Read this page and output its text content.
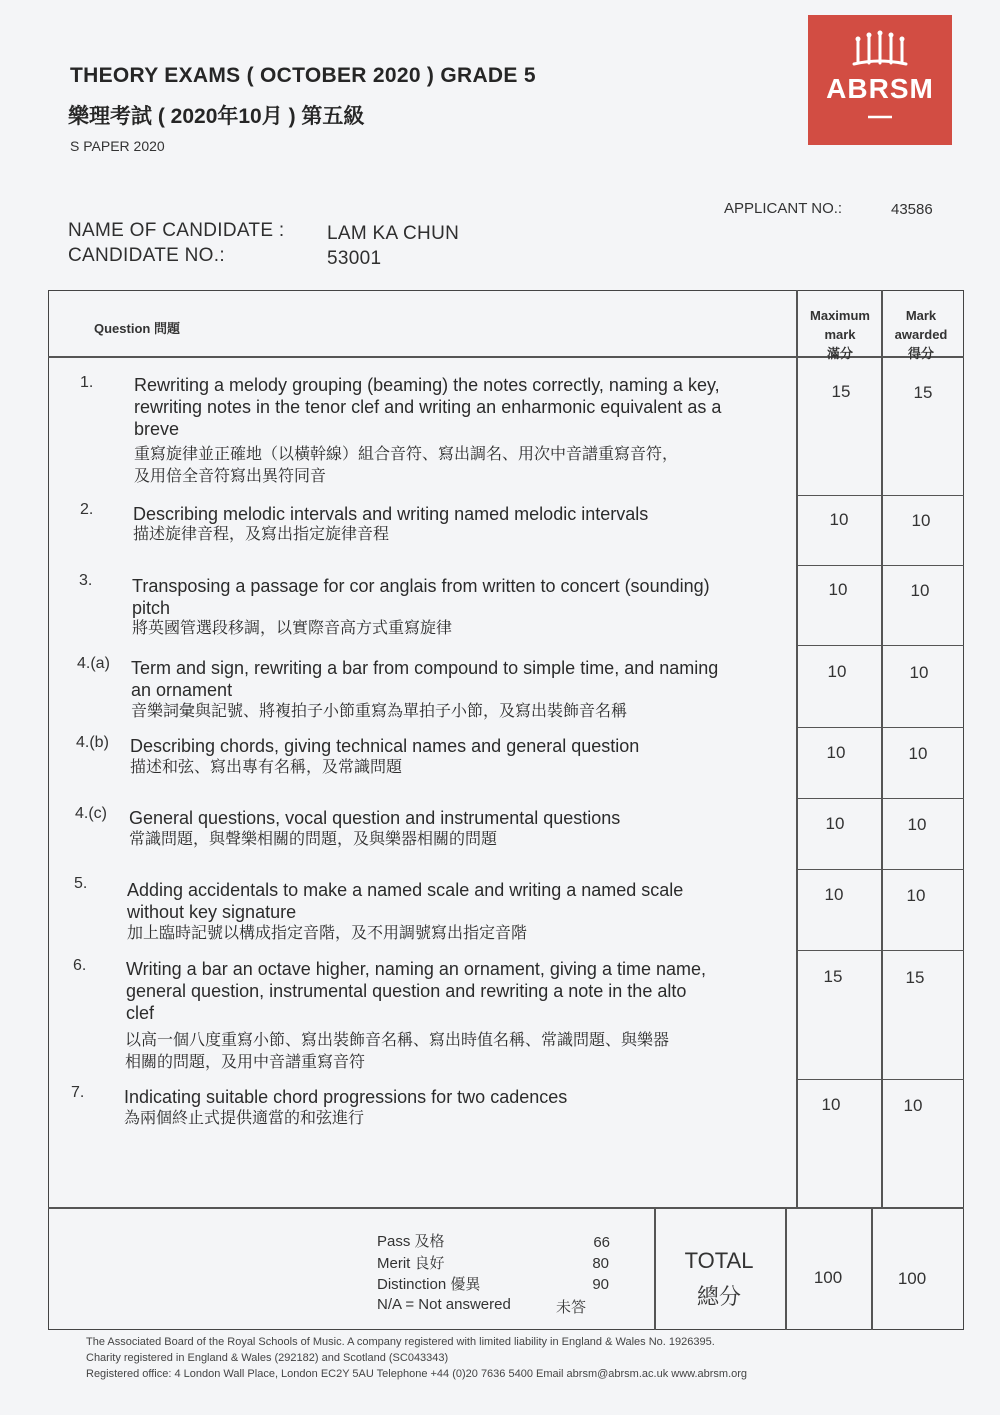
THEORY EXAMS ( OCTOBER 2020 ) GRADE 5
樂理考試 ( 2020年10月 ) 第五級
S PAPER 2020
ABRSM
APPLICANT NO.:	43586
NAME OF CANDIDATE : LAM KA CHUN
CANDIDATE NO.:	53001
Question 問題
Maximum
mark
滿分
Mark
awarded
得分
1. Rewriting a melody grouping (beaming) the notes correctly, naming a key,
rewriting notes in the tenor clef and writing an enharmonic equivalent as a
breve
重寫旋律並正確地（以橫幹線）組合音符、寫出調名、用次中音譜重寫音符，
及用倍全音符寫出異符同音
15	15
2. Describing melodic intervals and writing named melodic intervals
描述旋律音程，及寫出指定旋律音程
10	10
3. Transposing a passage for cor anglais from written to concert (sounding)
pitch
將英國管選段移調，以實際音高方式重寫旋律
10	10
4.(a) Term and sign, rewriting a bar from compound to simple time, and naming
an ornament
音樂詞彙與記號、將複拍子小節重寫為單拍子小節，及寫出裝飾音名稱
10	10
4.(b) Describing chords, giving technical names and general question
描述和弦、寫出專有名稱，及常識問題
10	10
4.(c) General questions, vocal question and instrumental questions
常識問題，與聲樂相關的問題，及與樂器相關的問題
10	10
5. Adding accidentals to make a named scale and writing a named scale
without key signature
加上臨時記號以構成指定音階，及不用調號寫出指定音階
10	10
6. Writing a bar an octave higher, naming an ornament, giving a time name,
general question, instrumental question and rewriting a note in the alto
clef
以高一個八度重寫小節、寫出裝飾音名稱、寫出時值名稱、常識問題、與樂器
相關的問題，及用中音譜重寫音符
15	15
7. Indicating suitable chord progressions for two cadences
為兩個終止式提供適當的和弦進行
10	10
Pass 及格	66
Merit 良好	80
Distinction 優異	90
N/A = Not answered	未答
TOTAL
總分
100	100
The Associated Board of the Royal Schools of Music. A company registered with limited liability in England & Wales No. 1926395.
Charity registered in England & Wales (292182) and Scotland (SC043343)
Registered office: 4 London Wall Place, London EC2Y 5AU Telephone +44 (0)20 7636 5400 Email abrsm@abrsm.ac.uk www.abrsm.org
